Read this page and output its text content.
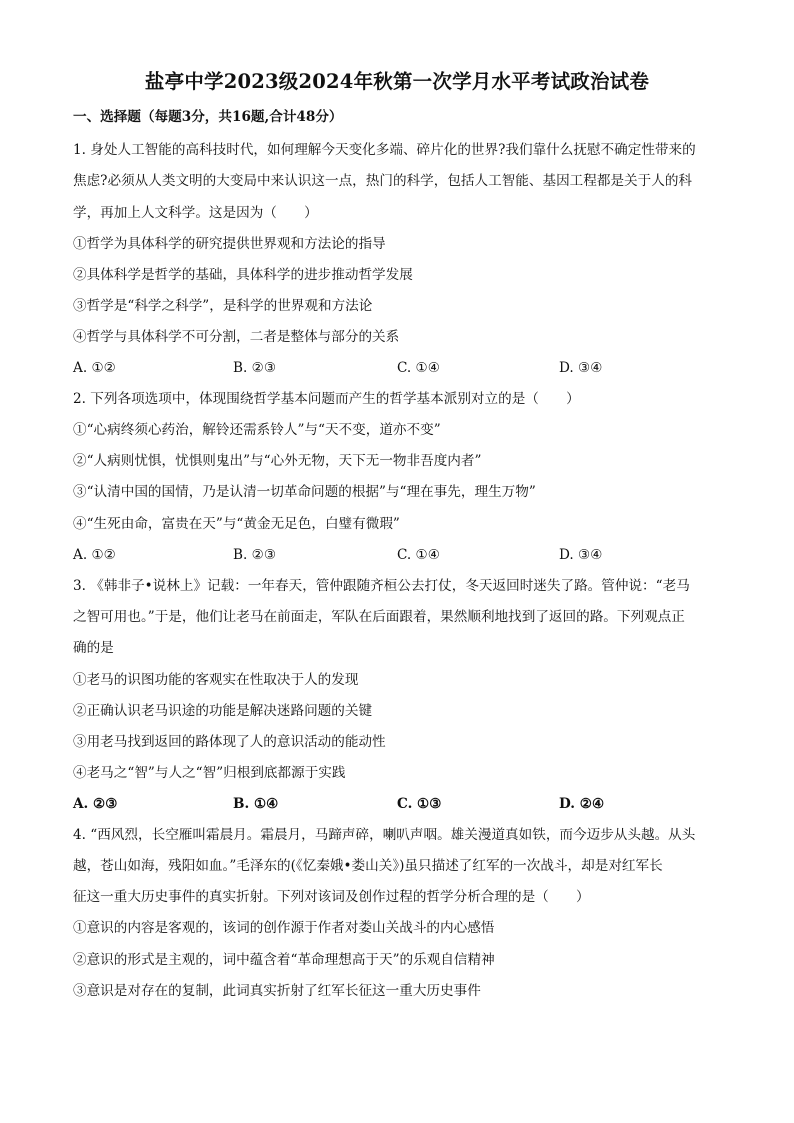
盐亭中学2023级2024年秋第一次学月水平考试政治试卷
一、选择题（每题3分，共16题,合计48分）
1. 身处人工智能的高科技时代，如何理解今天变化多端、碎片化的世界?我们靠什么抚慰不确定性带来的
焦虑?必须从人类文明的大变局中来认识这一点，热门的科学，包括人工智能、基因工程都是关于人的科
学，再加上人文科学。这是因为（　　）
①哲学为具体科学的研究提供世界观和方法论的指导
②具体科学是哲学的基础，具体科学的进步推动哲学发展
③哲学是“科学之科学”，是科学的世界观和方法论
④哲学与具体科学不可分割，二者是整体与部分的关系
A. ①②	B. ②③	C. ①④	D. ③④
2. 下列各项选项中，体现围绕哲学基本问题而产生的哲学基本派别对立的是（　　）
①“心病终须心药治，解铃还需系铃人”与“天不变，道亦不变”
②“人病则忧惧，忧惧则鬼出”与“心外无物，天下无一物非吾度内者”
③“认清中国的国情，乃是认清一切革命问题的根据”与“理在事先，理生万物”
④“生死由命，富贵在天”与“黄金无足色，白璧有微瑕”
A. ①②	B. ②③	C. ①④	D. ③④
3. 《韩非子•说林上》记载：一年春天，管仲跟随齐桓公去打仗，冬天返回时迷失了路。管仲说：“老马
之智可用也。”于是，他们让老马在前面走，军队在后面跟着，果然顺利地找到了返回的路。下列观点正
确的是
①老马的识图功能的客观实在性取决于人的发现
②正确认识老马识途的功能是解决迷路问题的关键
③用老马找到返回的路体现了人的意识活动的能动性
④老马之“智”与人之“智”归根到底都源于实践
A. ②③	B. ①④	C. ①③	D. ②④
4. “西风烈，长空雁叫霜晨月。霜晨月，马蹄声碎，喇叭声咽。雄关漫道真如铁，而今迈步从头越。从头
越，苍山如海，残阳如血。”毛泽东的(《忆秦娥•娄山关》)虽只描述了红军的一次战斗，却是对红军长
征这一重大历史事件的真实折射。下列对该词及创作过程的哲学分析合理的是（　　）
①意识的内容是客观的，该词的创作源于作者对娄山关战斗的内心感悟
②意识的形式是主观的，词中蕴含着“革命理想高于天”的乐观自信精神
③意识是对存在的复制，此词真实折射了红军长征这一重大历史事件
